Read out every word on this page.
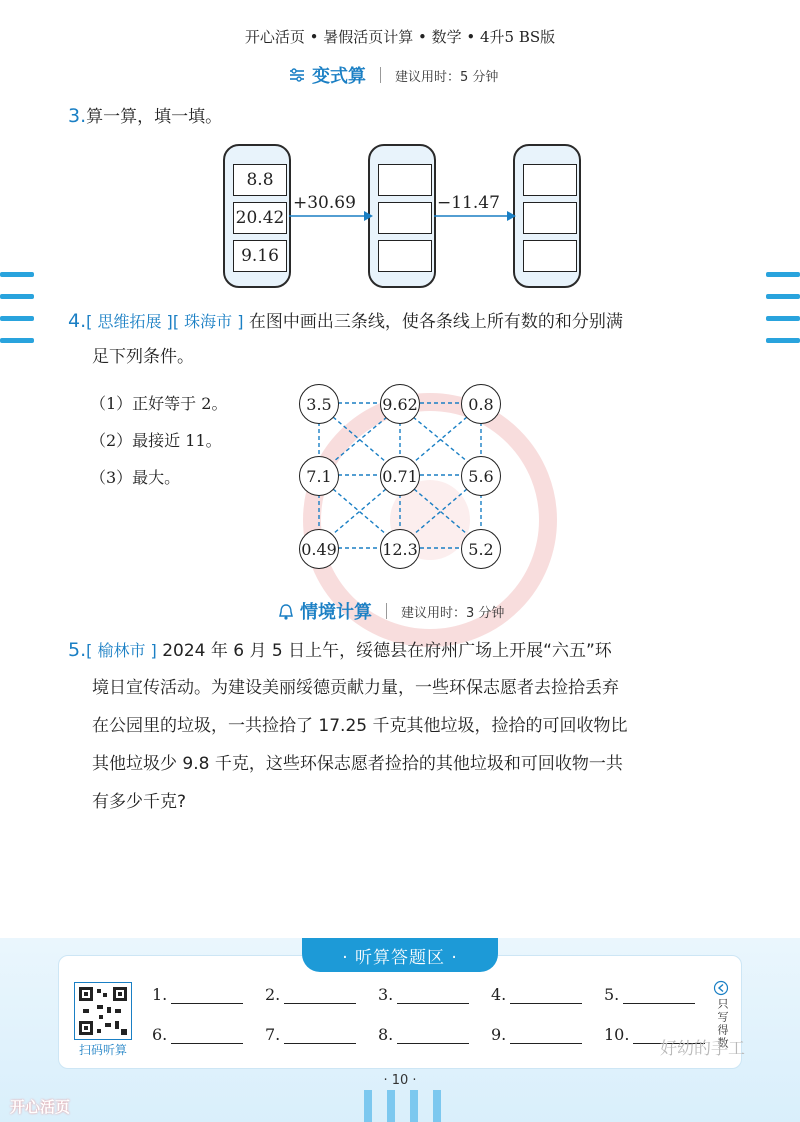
开心活页 • 暑假活页计算 • 数学 • 4升5 BS版
变式算 建议用时：5 分钟
3.算一算，填一填。
8.8
20.42
9.16
+30.69	−11.47
4.[ 思维拓展 ][ 珠海市 ] 在图中画出三条线，使各条线上所有数的和分别满
足下列条件。
（1）正好等于 2。
（2）最接近 11。
（3）最大。
3.5	9.62	0.8
7.1	0.71	5.6
0.49	12.3	5.2
情境计算 建议用时：3 分钟
5.[ 榆林市 ] 2024 年 6 月 5 日上午，绥德县在府州广场上开展“六五”环
境日宣传活动。为建设美丽绥德贡献力量，一些环保志愿者去捡拾丢弃
在公园里的垃圾，一共捡拾了 17.25 千克其他垃圾，捡拾的可回收物比
其他垃圾少 9.8 千克，这些环保志愿者捡拾的其他垃圾和可回收物一共
有多少千克?
· 听算答题区 ·
扫码听算
1.	2.	3.	4.	5.
6.	7.	8.	9.	10.	只写得数
好幼的手工
· 10 ·
开心活页
